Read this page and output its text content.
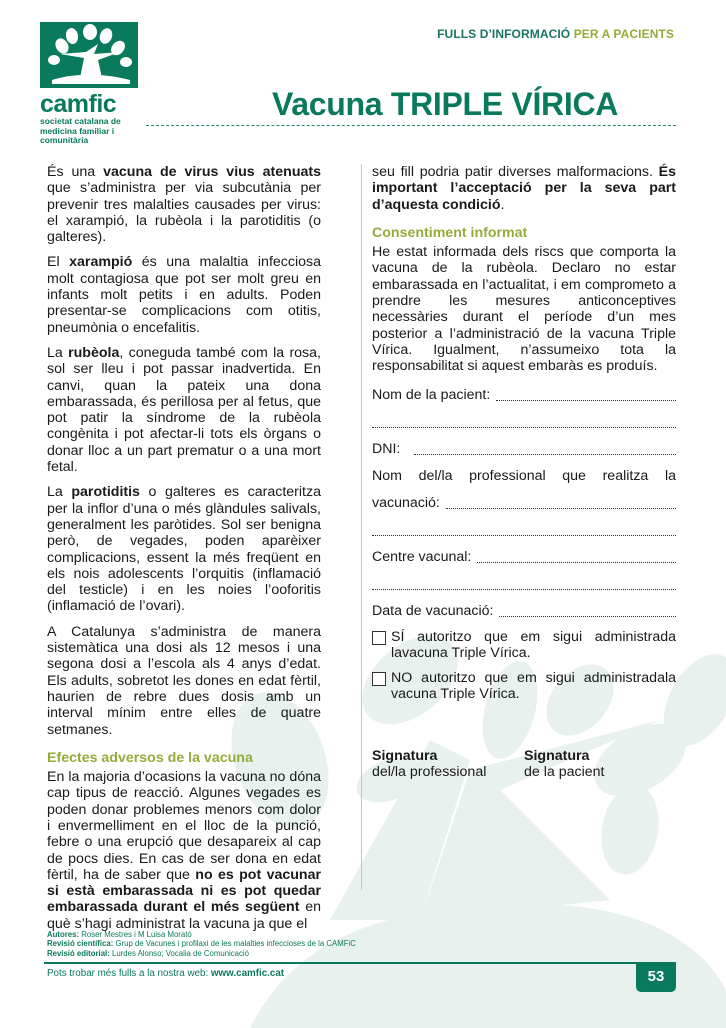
camfic
societat catalana de
medicina familiar i
comunitària
FULLS D’INFORMACIÓ PER A PACIENTS
Vacuna TRIPLE VÍRICA

És una vacuna de virus vius atenuats que s’administra per via subcutània per prevenir tres malalties causades per virus: el xarampió, la rubèola i la parotiditis (o galteres).

El xarampió és una malaltia infecciosa molt contagiosa que pot ser molt greu en infants molt petits i en adults. Poden presentar-se complicacions com otitis, pneumònia o encefalitis.

La rubèola, coneguda també com la rosa, sol ser lleu i pot passar inadvertida. En canvi, quan la pateix una dona embarassada, és perillosa per al fetus, que pot patir la síndrome de la rubèola congènita i pot afectar-li tots els òrgans o donar lloc a un part prematur o a una mort fetal.

La parotiditis o galteres es caracteritza per la inflor d’una o més glàndules salivals, generalment les paròtides. Sol ser benigna però, de vegades, poden aparèixer complicacions, essent la més freqüent en els nois adolescents l’orquitis (inflamació del testicle) i en les noies l’ooforitis (inflamació de l’ovari).

A Catalunya s’administra de manera sistemàtica una dosi als 12 mesos i una segona dosi a l’escola als 4 anys d’edat. Els adults, sobretot les dones en edat fèrtil, haurien de rebre dues dosis amb un interval mínim entre elles de quatre setmanes.

Efectes adversos de la vacuna

En la majoria d’ocasions la vacuna no dóna cap tipus de reacció. Algunes vegades es poden donar problemes menors com dolor i envermelliment en el lloc de la punció, febre o una erupció que desapareix al cap de pocs dies. En cas de ser dona en edat fèrtil, ha de saber que no es pot vacunar si està embarassada ni es pot quedar embarassada durant el més següent en què s’hagi administrat la vacuna ja que el

seu fill podria patir diverses malformacions. És important l’acceptació per la seva part d’aquesta condició.

Consentiment informat

He estat informada dels riscs que comporta la vacuna de la rubèola. Declaro no estar embarassada en l’actualitat, i em comprometo a prendre les mesures anticonceptives necessàries durant el període d’un mes posterior a l’administració de la vacuna Triple Vírica. Igualment, n’assumeixo tota la responsabilitat si aquest embaràs es produís.

Nom de la pacient:
DNI:
Nom del/la professional que realitza la
vacunació:
Centre vacunal:
Data de vacunació:
SÍ autoritzo que em sigui administrada lavacuna Triple Vírica.
NO autoritzo que em sigui administradala vacuna Triple Vírica.
Signatura
del/la professional
Signatura
de la pacient
Autores: Roser Mestres i M Luisa Morató
Revisió científica: Grup de Vacunes i profilaxi de les malalties infeccioses de la CAMFiC
Revisió editorial: Lurdes Alonso; Vocalia de Comunicació
Pots trobar més fulls a la nostra web: www.camfic.cat	53
